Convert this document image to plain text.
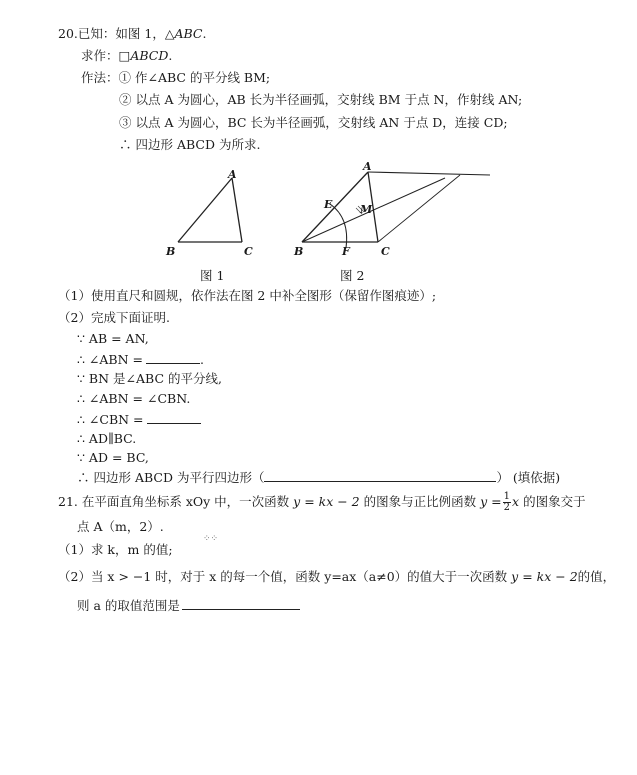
20.已知：如图 1，△ABC.
求作：□ABCD.
作法：① 作∠ABC 的平分线 BM;
② 以点 A 为圆心，AB 长为半径画弧，交射线 BM 于点 N，作射线 AN;
③ 以点 A 为圆心，BC 长为半径画弧，交射线 AN 于点 D，连接 CD;
∴ 四边形 ABCD 为所求.
A
B	C
图 1
A
E	M
B	F	C
图 2
（1）使用直尺和圆规，依作法在图 2 中补全图形（保留作图痕迹）;
（2）完成下面证明.
∵ AB = AN,
∴ ∠ABN =	.
∵ BN 是∠ABC 的平分线,
∴ ∠ABN = ∠CBN.
∴ ∠CBN =
∴ AD∥BC.
∵ AD = BC,
∴ 四边形 ABCD 为平行四边形（	） (填依据)
21. 在平面直角坐标系 xOy 中，一次函数 y = kx − 2 的图象与正比例函数 $y = \frac{1}{2}$ x 的图象交于
点 A（m，2）.
（1）求 k，m 的值;
⁘⁘
（2）当 x > −1 时，对于 x 的每一个值，函数 y=ax（a≠0）的值大于一次函数 y = kx − 2的值，
则 a 的取值范围是
